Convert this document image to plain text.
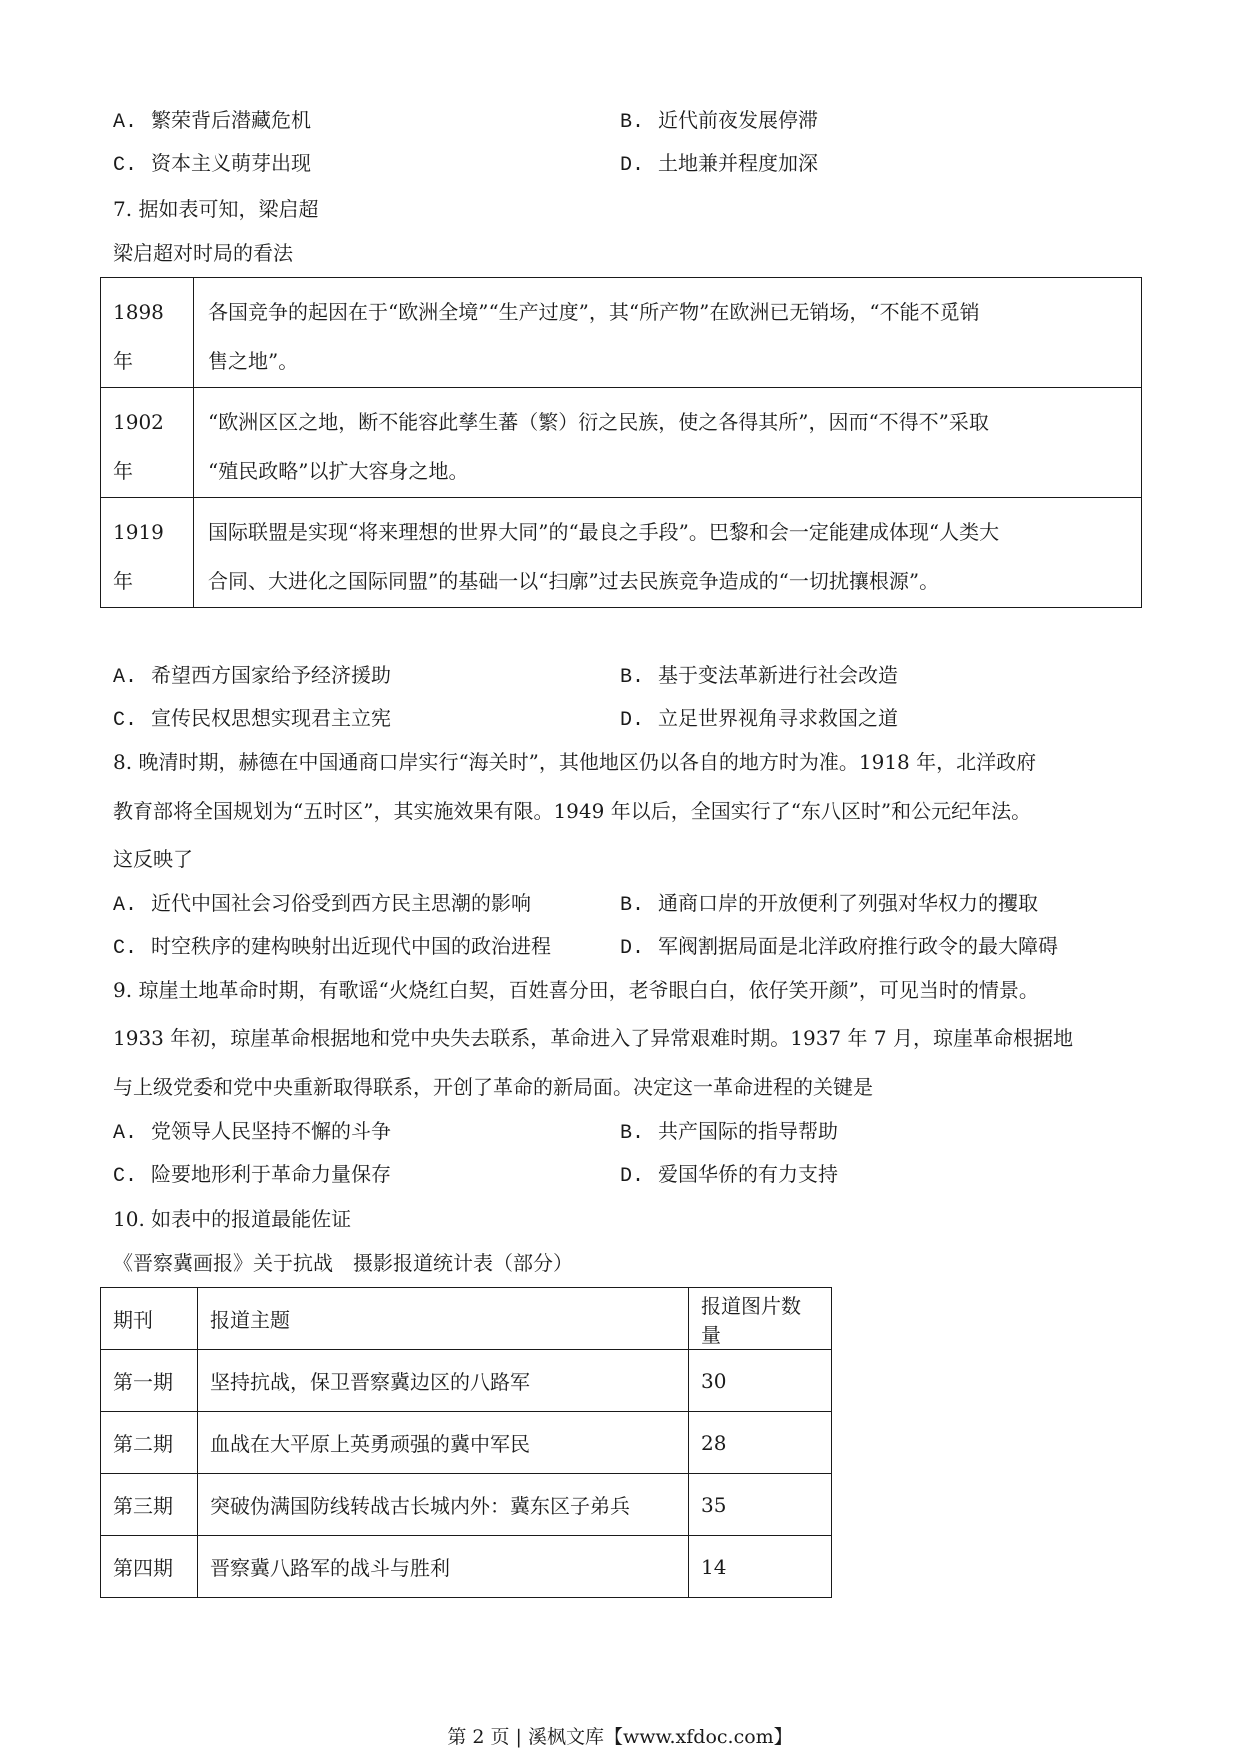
A. 繁荣背后潜藏危机	B. 近代前夜发展停滞
C. 资本主义萌芽出现	D. 土地兼并程度加深
7. 据如表可知，梁启超
梁启超对时局的看法
1898
年	各国竞争的起因在于“欧洲全境”“生产过度”，其“所产物”在欧洲已无销场，“不能不觅销
售之地”。
1902
年	“欧洲区区之地，断不能容此孳生蕃（繁）衍之民族，使之各得其所”，因而“不得不”采取
“殖民政略”以扩大容身之地。
1919
年	国际联盟是实现“将来理想的世界大同”的“最良之手段”。巴黎和会一定能建成体现“人类大
合同、大进化之国际同盟”的基础一以“扫廓”过去民族竞争造成的“一切扰攘根源”。
A. 希望西方国家给予经济援助	B. 基于变法革新进行社会改造
C. 宣传民权思想实现君主立宪	D. 立足世界视角寻求救国之道
8. 晚清时期，赫德在中国通商口岸实行“海关时”，其他地区仍以各自的地方时为准。1918 年，北洋政府
教育部将全国规划为“五时区”，其实施效果有限。1949 年以后，全国实行了“东八区时”和公元纪年法。
这反映了
A. 近代中国社会习俗受到西方民主思潮的影响	B. 通商口岸的开放便利了列强对华权力的攫取
C. 时空秩序的建构映射出近现代中国的政治进程	D. 军阀割据局面是北洋政府推行政令的最大障碍
9. 琼崖土地革命时期，有歌谣“火烧红白契，百姓喜分田，老爷眼白白，依仔笑开颜”，可见当时的情景。
1933 年初，琼崖革命根据地和党中央失去联系，革命进入了异常艰难时期。1937 年 7 月，琼崖革命根据地
与上级党委和党中央重新取得联系，开创了革命的新局面。决定这一革命进程的关键是
A. 党领导人民坚持不懈的斗争	B. 共产国际的指导帮助
C. 险要地形利于革命力量保存	D. 爱国华侨的有力支持
10. 如表中的报道最能佐证
《晋察冀画报》关于抗战　摄影报道统计表（部分）
期刊	报道主题	报道图片数量
第一期	坚持抗战，保卫晋察冀边区的八路军	30
第二期	血战在大平原上英勇顽强的冀中军民	28
第三期	突破伪满国防线转战古长城内外：冀东区子弟兵	35
第四期	晋察冀八路军的战斗与胜利	14
第 2 页 | 溪枫文库【www.xfdoc.com】
